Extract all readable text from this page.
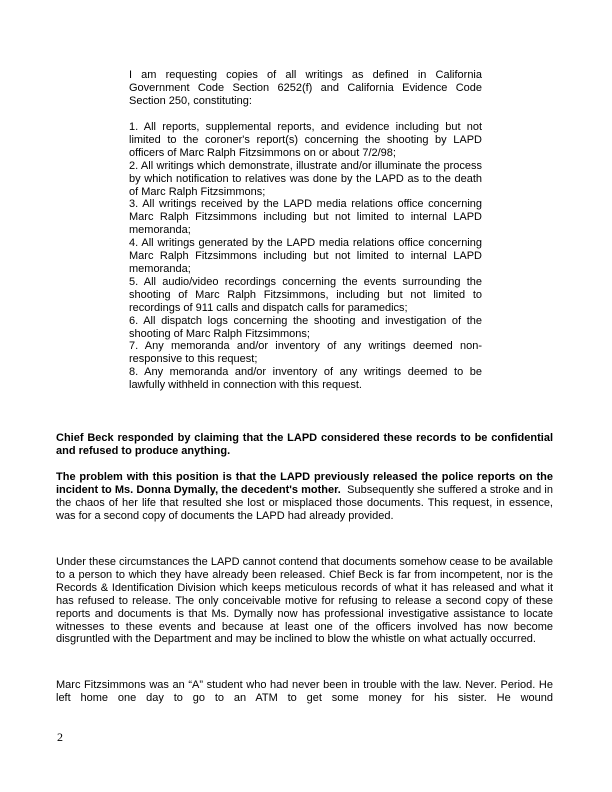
I am requesting copies of all writings as defined in California Government Code Section 6252(f) and California Evidence Code Section 250, constituting:

1. All reports, supplemental reports, and evidence including but not limited to the coroner's report(s) concerning the shooting by LAPD officers of Marc Ralph Fitzsimmons on or about 7/2/98;

2. All writings which demonstrate, illustrate and/or illuminate the process by which notification to relatives was done by the LAPD as to the death of Marc Ralph Fitzsimmons;

3. All writings received by the LAPD media relations office concerning Marc Ralph Fitzsimmons including but not limited to internal LAPD memoranda;

4. All writings generated by the LAPD media relations office concerning Marc Ralph Fitzsimmons including but not limited to internal LAPD memoranda;

5. All audio/video recordings concerning the events surrounding the shooting of Marc Ralph Fitzsimmons, including but not limited to recordings of 911 calls and dispatch calls for paramedics;

6. All dispatch logs concerning the shooting and investigation of the shooting of Marc Ralph Fitzsimmons;

7. Any memoranda and/or inventory of any writings deemed non-responsive to this request;

8. Any memoranda and/or inventory of any writings deemed to be lawfully withheld in connection with this request.

Chief Beck responded by claiming that the LAPD considered these records to be confidential and refused to produce anything.
The problem with this position is that the LAPD previously released the police reports on the incident to Ms. Donna Dymally, the decedent's mother. Subsequently she suffered a stroke and in the chaos of her life that resulted she lost or misplaced those documents. This request, in essence, was for a second copy of documents the LAPD had already provided.
Under these circumstances the LAPD cannot contend that documents somehow cease to be available to a person to which they have already been released. Chief Beck is far from incompetent, nor is the Records & Identification Division which keeps meticulous records of what it has released and what it has refused to release. The only conceivable motive for refusing to release a second copy of these reports and documents is that Ms. Dymally now has professional investigative assistance to locate witnesses to these events and because at least one of the officers involved has now become disgruntled with the Department and may be inclined to blow the whistle on what actually occurred.
Marc Fitzsimmons was an “A” student who had never been in trouble with the law. Never. Period. He left home one day to go to an ATM to get some money for his sister. He wound
2
